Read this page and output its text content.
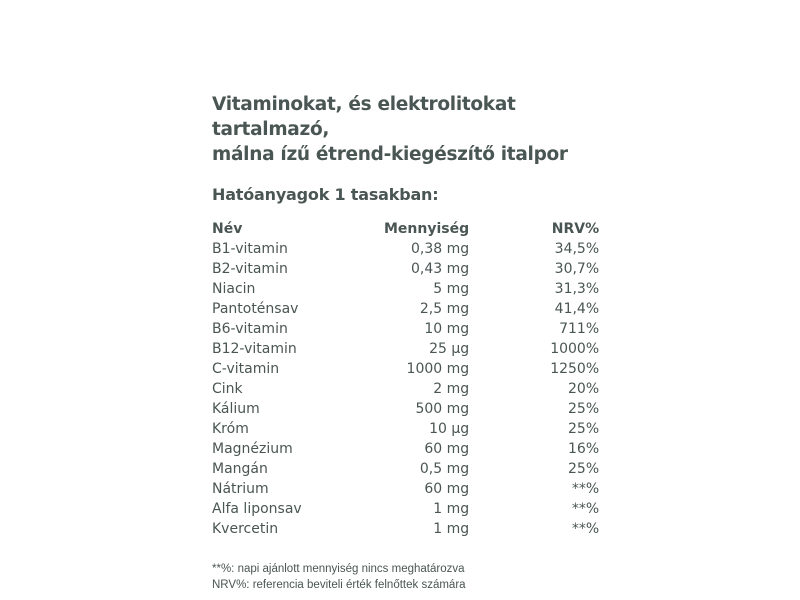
Vitaminokat, és elektrolitokat tartalmazó,
málna ízű étrend-kiegészítő italpor
Hatóanyagok 1 tasakban:
Név	Mennyiség	NRV%
B1-vitamin	0,38 mg	34,5%
B2-vitamin	0,43 mg	30,7%
Niacin	5 mg	31,3%
Pantoténsav	2,5 mg	41,4%
B6-vitamin	10 mg	711%
B12-vitamin	25 µg	1000%
C-vitamin	1000 mg	1250%
Cink	2 mg	20%
Kálium	500 mg	25%
Króm	10 µg	25%
Magnézium	60 mg	16%
Mangán	0,5 mg	25%
Nátrium	60 mg	**%
Alfa liponsav	1 mg	**%
Kvercetin	1 mg	**%
**%: napi ajánlott mennyiség nincs meghatározva
NRV%: referencia beviteli érték felnőttek számára
